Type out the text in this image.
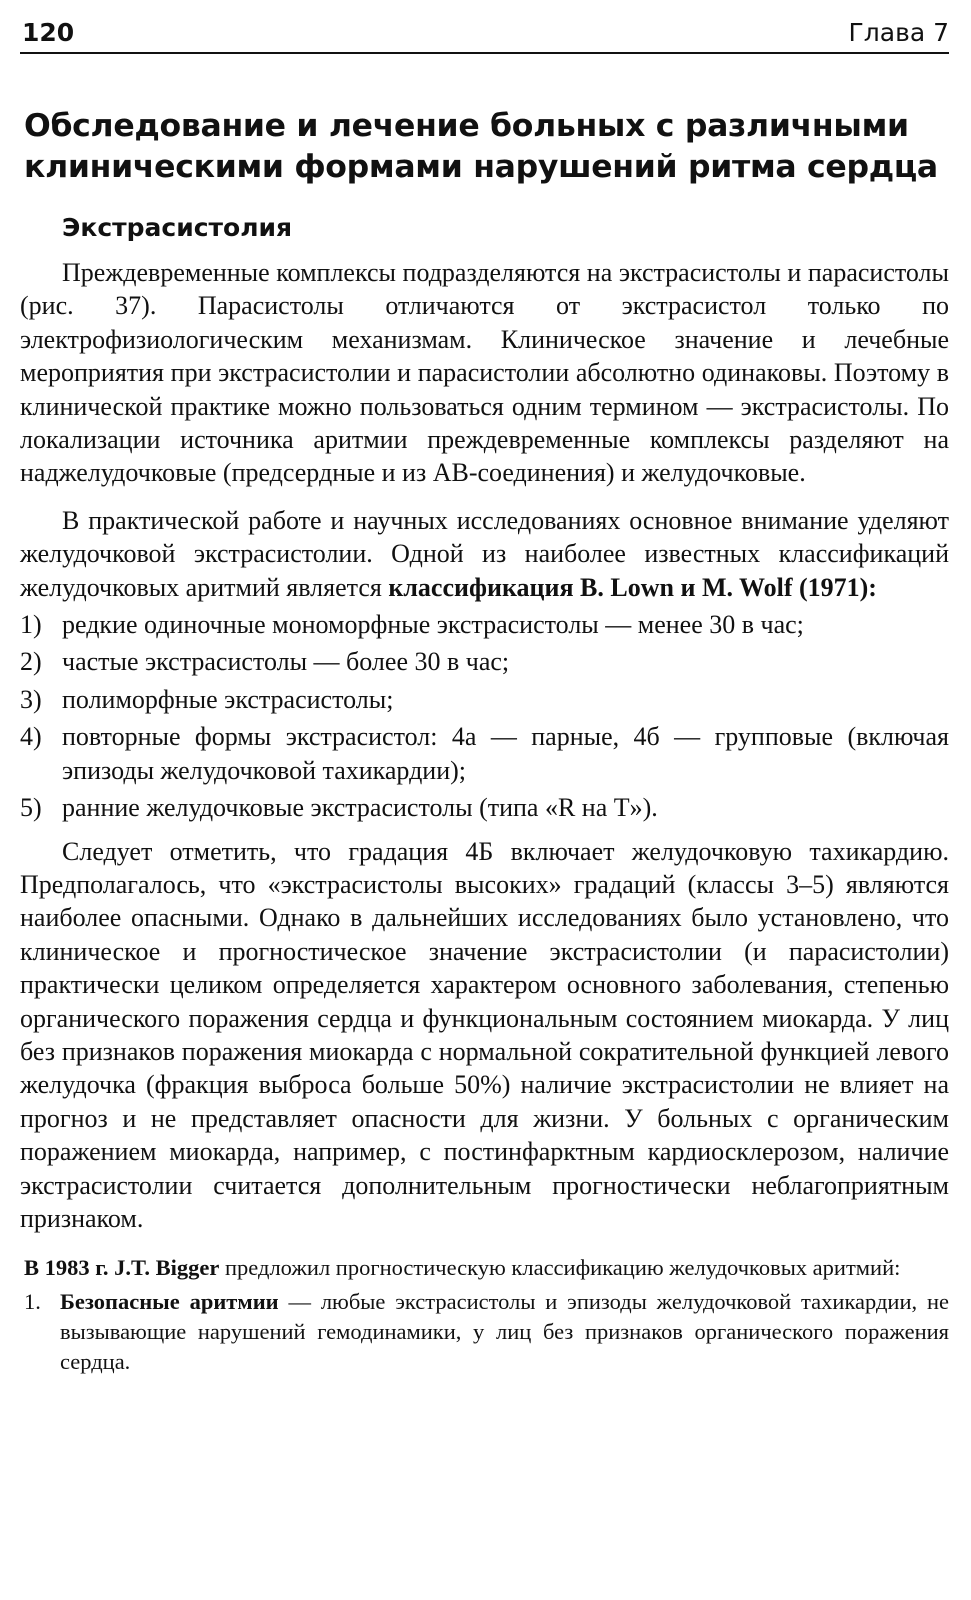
120	Глава 7
Обследование и лечение больных с различными клиническими формами нарушений ритма сердца
Экстрасистолия

Преждевременные комплексы подразделяются на экстрасистолы и парасистолы (рис. 37). Парасистолы отличаются от экстрасистол только по электрофизиологическим механизмам. Клиническое значение и лечебные мероприятия при экстрасистолии и парасистолии абсолютно одинаковы. Поэтому в клинической практике можно пользоваться одним термином — экстрасистолы. По локализации источника аритмии преждевременные комплексы разделяют на наджелудочковые (предсердные и из АВ-соединения) и желудочковые.

В практической работе и научных исследованиях основное внимание уделяют желудочковой экстрасистолии. Одной из наиболее известных классификаций желудочковых аритмий является классификация B. Lown и M. Wolf (1971):

1) редкие одиночные мономорфные экстрасистолы — менее 30 в час;
2) частые экстрасистолы — более 30 в час;
3) полиморфные экстрасистолы;
4) повторные формы экстрасистол: 4а — парные, 4б — групповые (включая эпизоды желудочковой тахикардии);
5) ранние желудочковые экстрасистолы (типа «R на T»).

Следует отметить, что градация 4Б включает желудочковую тахикардию. Предполагалось, что «экстрасистолы высоких» градаций (классы 3–5) являются наиболее опасными. Однако в дальнейших исследованиях было установлено, что клиническое и прогностическое значение экстрасистолии (и парасистолии) практически целиком определяется характером основного заболевания, степенью органического поражения сердца и функциональным состоянием миокарда. У лиц без признаков поражения миокарда с нормальной сократительной функцией левого желудочка (фракция выброса больше 50%) наличие экстрасистолии не влияет на прогноз и не представляет опасности для жизни. У больных с органическим поражением миокарда, например, с постинфарктным кардиосклерозом, наличие экстрасистолии считается дополнительным прогностически неблагоприятным признаком.

В 1983 г. J.T. Bigger предложил прогностическую классификацию желудочковых аритмий:
1. Безопасные аритмии — любые экстрасистолы и эпизоды желудочковой тахикардии, не вызывающие нарушений гемодинамики, у лиц без признаков органического поражения сердца.
